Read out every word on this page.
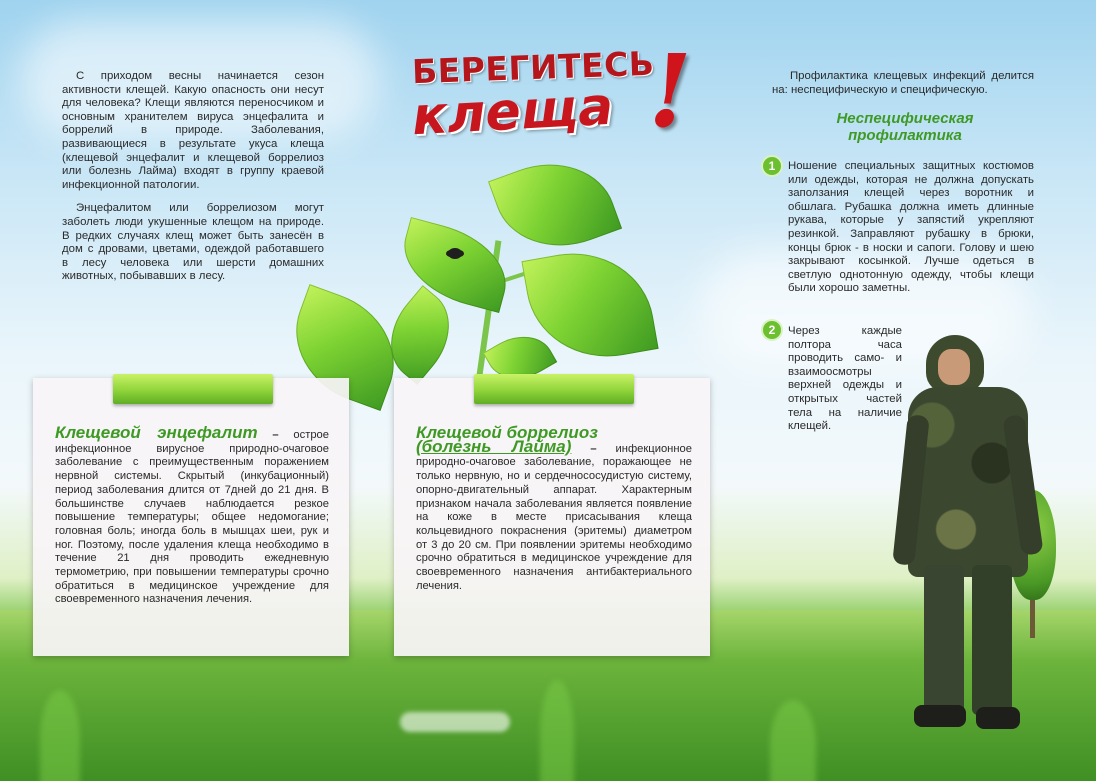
С приходом весны начинается сезон активности клещей. Какую опасность они несут для человека? Клещи являются переносчиком и основным хранителем вируса энцефалита и боррелий в природе. Заболевания, развивающиеся в результате укуса клеща (клещевой энцефалит и клещевой боррелиоз или болезнь Лайма) входят в группу краевой инфекционной патологии.

Энцефалитом или боррелиозом могут заболеть люди укушенные клещом на природе. В редких случаях клещ может быть занесён в дом с дровами, цветами, одеждой работавшего в лесу человека или шерсти домашних животных, побывавших в лесу.

БЕРЕГИТЕСЬ
клеща !
Клещевой энцефалит – острое инфекционное вирусное природно-очаговое заболевание с преимущественным поражением нервной системы. Скрытый (инкубационный) период заболевания длится от 7дней до 21 дня. В большинстве случаев наблюдается резкое повышение температуры; общее недомогание; головная боль; иногда боль в мышцах шеи, рук и ног. Поэтому, после удаления клеща необходимо в течение 21 дня проводить ежедневную термометрию, при повышении температуры срочно обратиться в медицинское учреждение для своевременного назначения лечения.
Клещевой боррелиоз
(болезнь Лайма) – инфекционное природно-очаговое заболевание, поражающее не только нервную, но и сердечнососудистую систему, опорно-двигательный аппарат. Характерным признаком начала заболевания является появление на коже в месте присасывания клеща кольцевидного покраснения (эритемы) диаметром от 3 до 20 см. При появлении эритемы необходимо срочно обратиться в медицинское учреждение для своевременного назначения антибактериального лечения.
Профилактика клещевых инфекций делится на: неспецифическую и специфическую.
Неспецифическая профилактика
1	Ношение специальных защитных костюмов или одежды, которая не должна допускать заползания клещей через воротник и обшлага. Рубашка должна иметь длинные рукава, которые у запястий укрепляют резинкой. Заправляют рубашку в брюки, концы брюк - в носки и сапоги. Голову и шею закрывают косынкой. Лучше одеться в светлую однотонную одежду, чтобы клещи были хорошо заметны.
2	Через каждые полтора часа проводить само- и взаимоосмотры верхней одежды и открытых частей тела на наличие клещей.
